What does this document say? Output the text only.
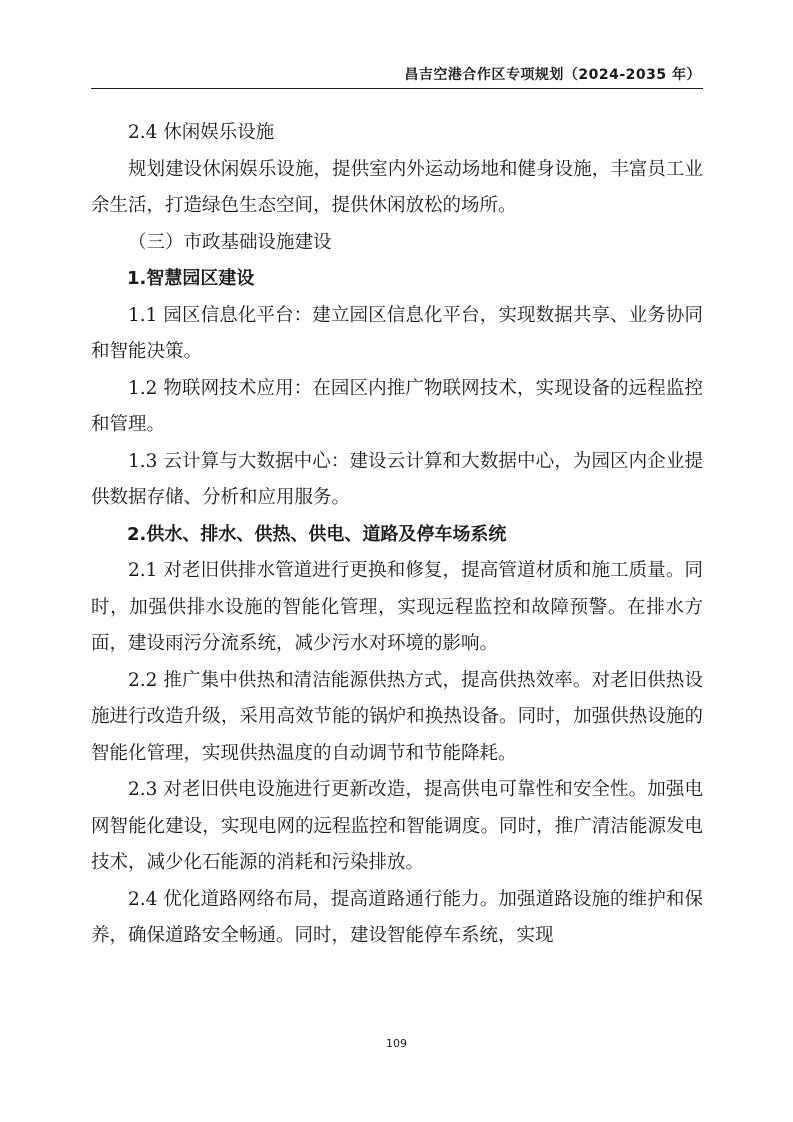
昌吉空港合作区专项规划（2024-2035 年）

2.4 休闲娱乐设施

规划建设休闲娱乐设施，提供室内外运动场地和健身设施，丰富员工业余生活，打造绿色生态空间，提供休闲放松的场所。

（三）市政基础设施建设

1.智慧园区建设

1.1 园区信息化平台：建立园区信息化平台，实现数据共享、业务协同和智能决策。

1.2 物联网技术应用：在园区内推广物联网技术，实现设备的远程监控和管理。

1.3 云计算与大数据中心：建设云计算和大数据中心，为园区内企业提供数据存储、分析和应用服务。

2.供水、排水、供热、供电、道路及停车场系统

2.1 对老旧供排水管道进行更换和修复，提高管道材质和施工质量。同时，加强供排水设施的智能化管理，实现远程监控和故障预警。在排水方面，建设雨污分流系统，减少污水对环境的影响。

2.2 推广集中供热和清洁能源供热方式，提高供热效率。对老旧供热设施进行改造升级，采用高效节能的锅炉和换热设备。同时，加强供热设施的智能化管理，实现供热温度的自动调节和节能降耗。

2.3 对老旧供电设施进行更新改造，提高供电可靠性和安全性。加强电网智能化建设，实现电网的远程监控和智能调度。同时，推广清洁能源发电技术，减少化石能源的消耗和污染排放。

2.4 优化道路网络布局，提高道路通行能力。加强道路设施的维护和保养，确保道路安全畅通。同时，建设智能停车系统，实现

109
